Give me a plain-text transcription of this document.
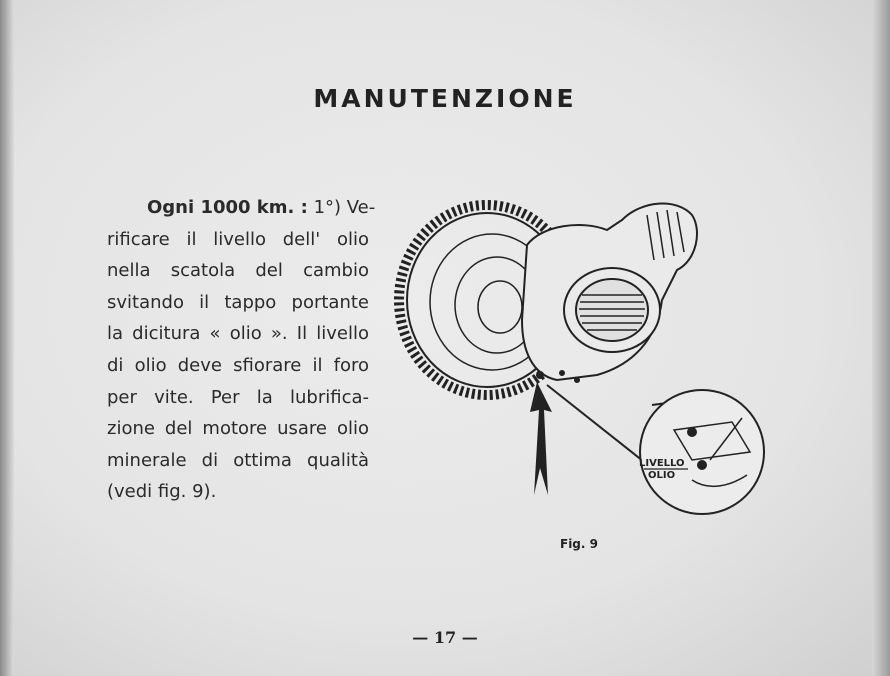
MANUTENZIONE
Ogni 1000 km. : 1°) Ve-
rificare il livello dell' olio
nella scatola del cambio
svitando il tappo portante
la dicitura « olio ». Il livello
di olio deve sfiorare il foro
per vite. Per la lubrifica-
zione del motore usare olio
minerale di ottima qualità
(vedi fig. 9).
LIVELLO
OLIO
Fig. 9
— 17 —
